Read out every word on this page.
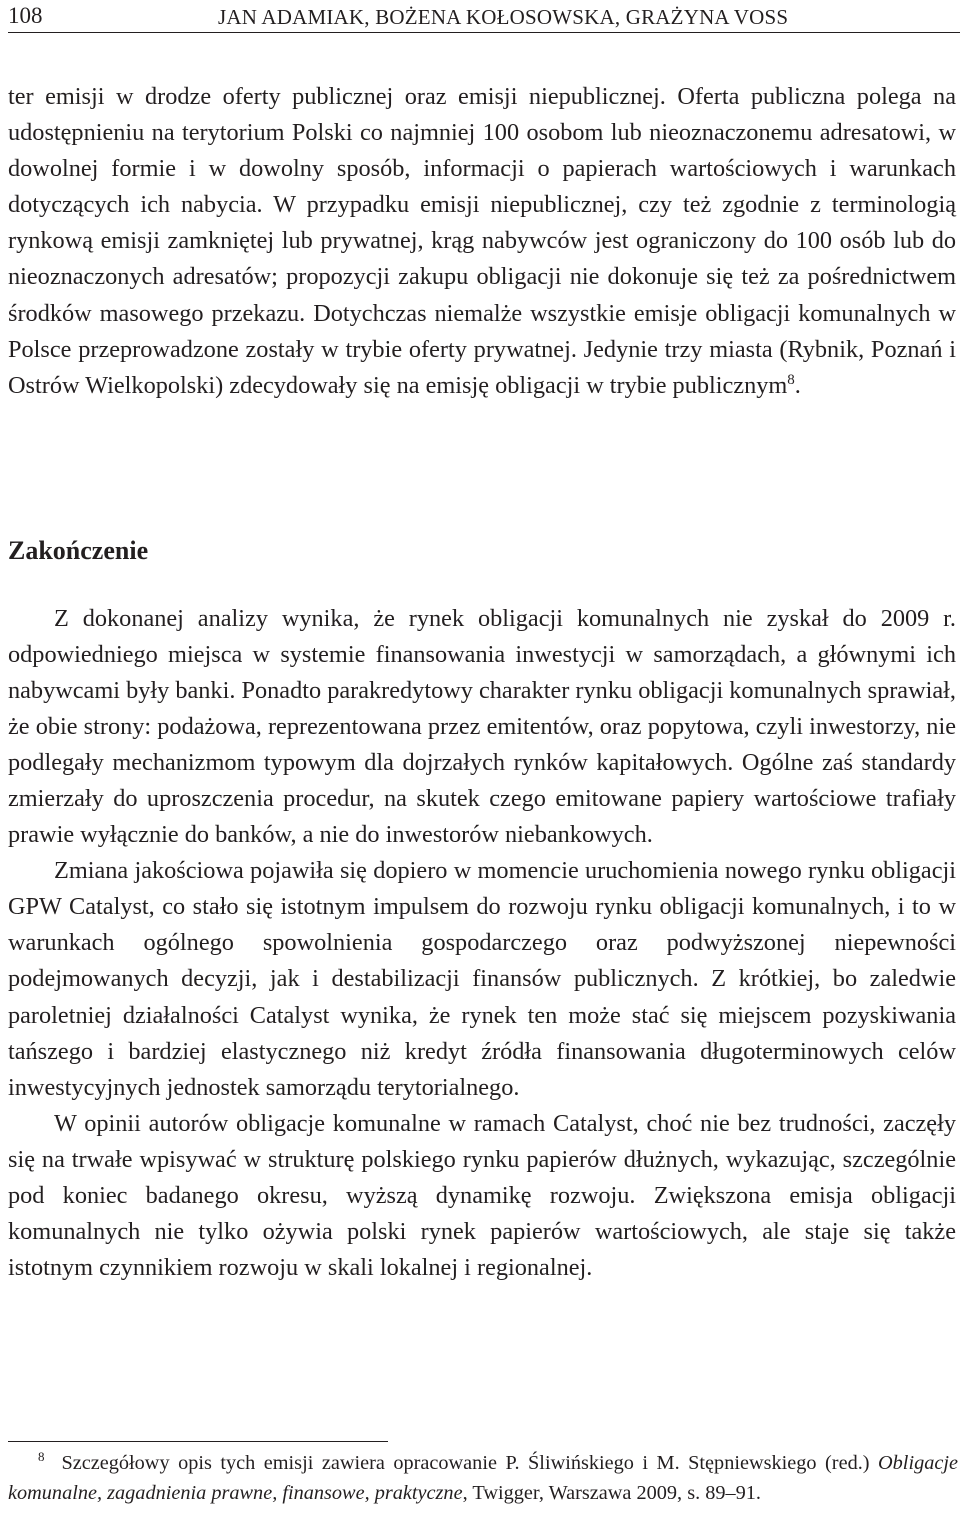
108	JAN ADAMIAK, BOŻENA KOŁOSOWSKA, GRAŻYNA VOSS

ter emisji w drodze oferty publicznej oraz emisji niepublicznej. Oferta publiczna polega na udostępnieniu na terytorium Polski co najmniej 100 osobom lub nieoznaczonemu adresatowi, w dowolnej formie i w dowolny sposób, informacji o papierach wartościowych i warunkach dotyczących ich nabycia. W przypadku emisji niepublicznej, czy też zgodnie z terminologią rynkową emisji zamkniętej lub prywatnej, krąg nabywców jest ograniczony do 100 osób lub do nieoznaczonych adresatów; propozycji zakupu obligacji nie dokonuje się też za pośrednictwem środków masowego przekazu. Dotychczas niemalże wszystkie emisje obligacji komunalnych w Polsce przeprowadzone zostały w trybie oferty prywatnej. Jedynie trzy miasta (Rybnik, Poznań i Ostrów Wielkopolski) zdecydowały się na emisję obligacji w trybie publicznym$^8$.

Zakończenie

Z dokonanej analizy wynika, że rynek obligacji komunalnych nie zyskał do 2009 r. odpowiedniego miejsca w systemie finansowania inwestycji w samorządach, a głównymi ich nabywcami były banki. Ponadto parakredytowy charakter rynku obligacji komunalnych sprawiał, że obie strony: podażowa, reprezentowana przez emitentów, oraz popytowa, czyli inwestorzy, nie podlegały mechanizmom typowym dla dojrzałych rynków kapitałowych. Ogólne zaś standardy zmierzały do uproszczenia procedur, na skutek czego emitowane papiery wartościowe trafiały prawie wyłącznie do banków, a nie do inwestorów niebankowych.

Zmiana jakościowa pojawiła się dopiero w momencie uruchomienia nowego rynku obligacji GPW Catalyst, co stało się istotnym impulsem do rozwoju rynku obligacji komunalnych, i to w warunkach ogólnego spowolnienia gospodarczego oraz podwyższonej niepewności podejmowanych decyzji, jak i destabilizacji finansów publicznych. Z krótkiej, bo zaledwie paroletniej działalności Catalyst wynika, że rynek ten może stać się miejscem pozyskiwania tańszego i bardziej elastycznego niż kredyt źródła finansowania długoterminowych celów inwestycyjnych jednostek samorządu terytorialnego.

W opinii autorów obligacje komunalne w ramach Catalyst, choć nie bez trudności, zaczęły się na trwałe wpisywać w strukturę polskiego rynku papierów dłużnych, wykazując, szczególnie pod koniec badanego okresu, wyższą dynamikę rozwoju. Zwiększona emisja obligacji komunalnych nie tylko ożywia polski rynek papierów wartościowych, ale staje się także istotnym czynnikiem rozwoju w skali lokalnej i regionalnej.

$^8$ Szczegółowy opis tych emisji zawiera opracowanie P. Śliwińskiego i M. Stępniewskiego (red.) Obligacje komunalne, zagadnienia prawne, finansowe, praktyczne, Twigger, Warszawa 2009, s. 89–91.
